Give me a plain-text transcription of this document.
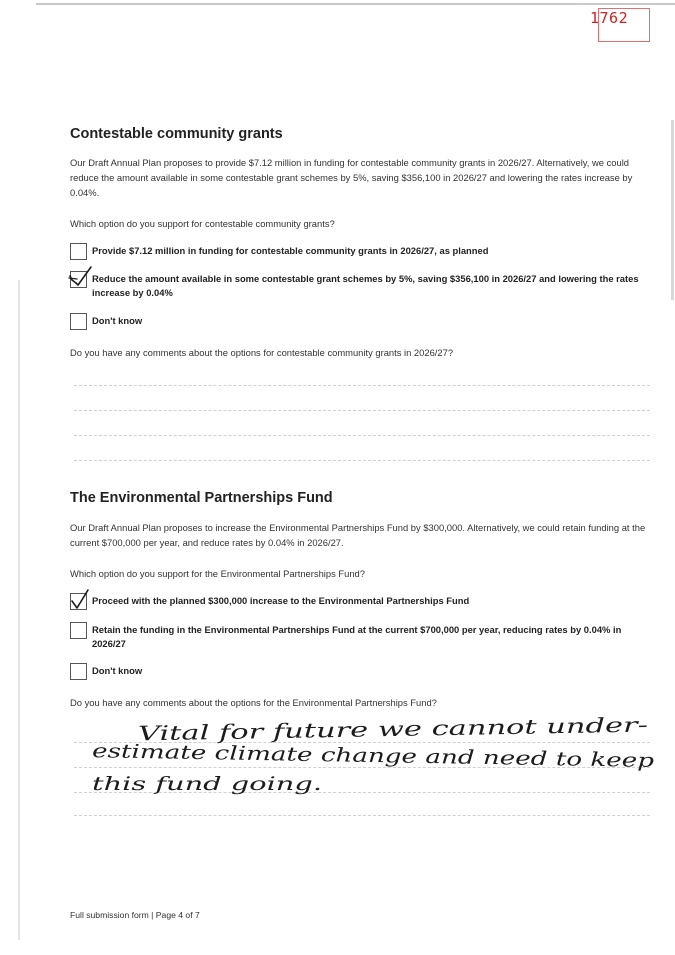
1762
Contestable community grants

Our Draft Annual Plan proposes to provide $7.12 million in funding for contestable community grants in 2026/27. Alternatively, we could reduce the amount available in some contestable grant schemes by 5%, saving $356,100 in 2026/27 and lowering the rates increase by 0.04%.

Which option do you support for contestable community grants?

Provide $7.12 million in funding for contestable community grants in 2026/27, as planned
Reduce the amount available in some contestable grant schemes by 5%, saving $356,100 in 2026/27 and lowering the rates increase by 0.04%
Don't know

Do you have any comments about the options for contestable community grants in 2026/27?

The Environmental Partnerships Fund

Our Draft Annual Plan proposes to increase the Environmental Partnerships Fund by $300,000. Alternatively, we could retain funding at the current $700,000 per year, and reduce rates by 0.04% in 2026/27.

Which option do you support for the Environmental Partnerships Fund?

Proceed with the planned $300,000 increase to the Environmental Partnerships Fund
Retain the funding in the Environmental Partnerships Fund at the current $700,000 per year, reducing rates by 0.04% in 2026/27
Don't know

Do you have any comments about the options for the Environmental Partnerships Fund?

Vital for future we cannot under-
estimate climate change and need to keep
this fund going.
Full submission form | Page 4 of 7
